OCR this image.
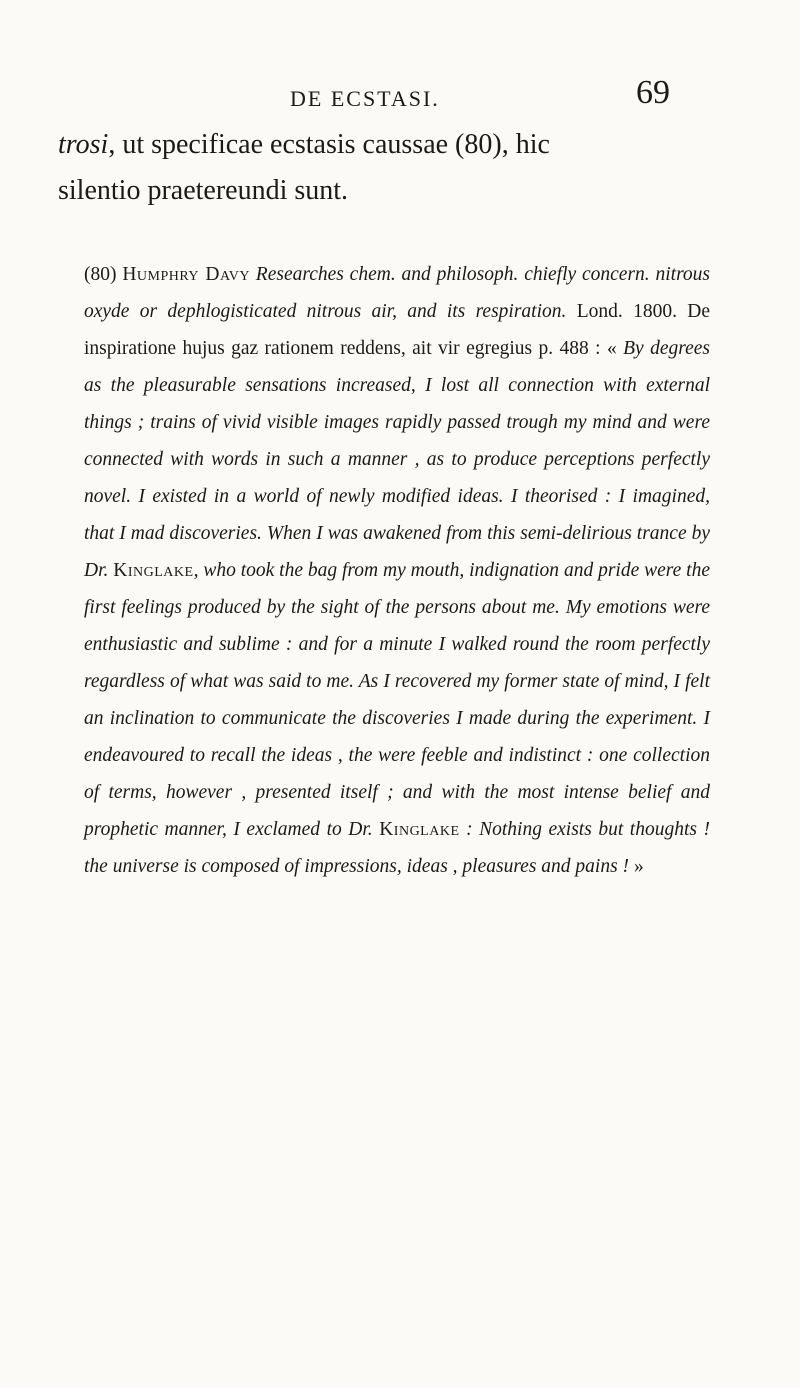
DE ECSTASI.	69
trosi, ut specificae ecstasis caussae (80), hic
silentio praetereundi sunt.
(80) Humphry Davy Researches chem. and philosoph. chiefly concern. nitrous oxyde or dephlogisticated nitrous air, and its respiration. Lond. 1800. De inspiratione hujus gaz rationem reddens, ait vir egregius p. 488 : « By degrees as the pleasurable sensations increased, I lost all connection with external things ; trains of vivid visible images rapidly passed trough my mind and were connected with words in such a manner , as to produce perceptions perfectly novel. I existed in a world of newly modified ideas. I theorised : I imagined, that I mad discoveries. When I was awakened from this semi-delirious trance by Dr. Kinglake, who took the bag from my mouth, indignation and pride were the first feelings produced by the sight of the persons about me. My emotions were enthusiastic and sublime : and for a minute I walked round the room perfectly regardless of what was said to me. As I recovered my former state of mind, I felt an inclination to communicate the discoveries I made during the experiment. I endeavoured to recall the ideas , the were feeble and indistinct : one collection of terms, however , presented itself ; and with the most intense belief and prophetic manner, I exclamed to Dr. Kinglake : Nothing exists but thoughts ! the universe is composed of impressions, ideas , pleasures and pains ! »
